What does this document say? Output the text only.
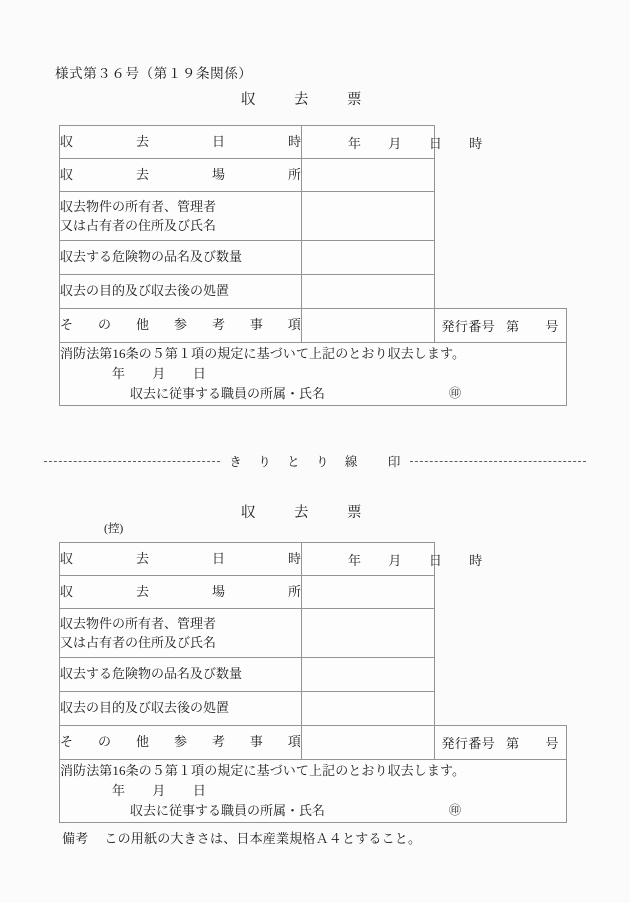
様式第３６号（第１９条関係）
収	去	票
収 去 日 時	年 月 日 時	

収 去 場 所		

収去物件の所有者、管理者
又は占有者の住所及び氏名		

収去する危険物の品名及び数量		

収去の目的及び収去後の処置		

そ の 他 参 考 事 項		発行番号 第 号

消防法第16条の５第１項の規定に基づいて上記のとおり収去します。
年 月 日
収去に従事する職員の所属・氏名 ㊞		
き り と り 線 印
収	去	票
(控)
収 去 日 時	年 月 日 時	

収 去 場 所		

収去物件の所有者、管理者
又は占有者の住所及び氏名		

収去する危険物の品名及び数量		

収去の目的及び収去後の処置		

そ の 他 参 考 事 項		発行番号 第 号

消防法第16条の５第１項の規定に基づいて上記のとおり収去します。
年 月 日
収去に従事する職員の所属・氏名 ㊞		
備考 この用紙の大きさは、日本産業規格Ａ４とすること。
